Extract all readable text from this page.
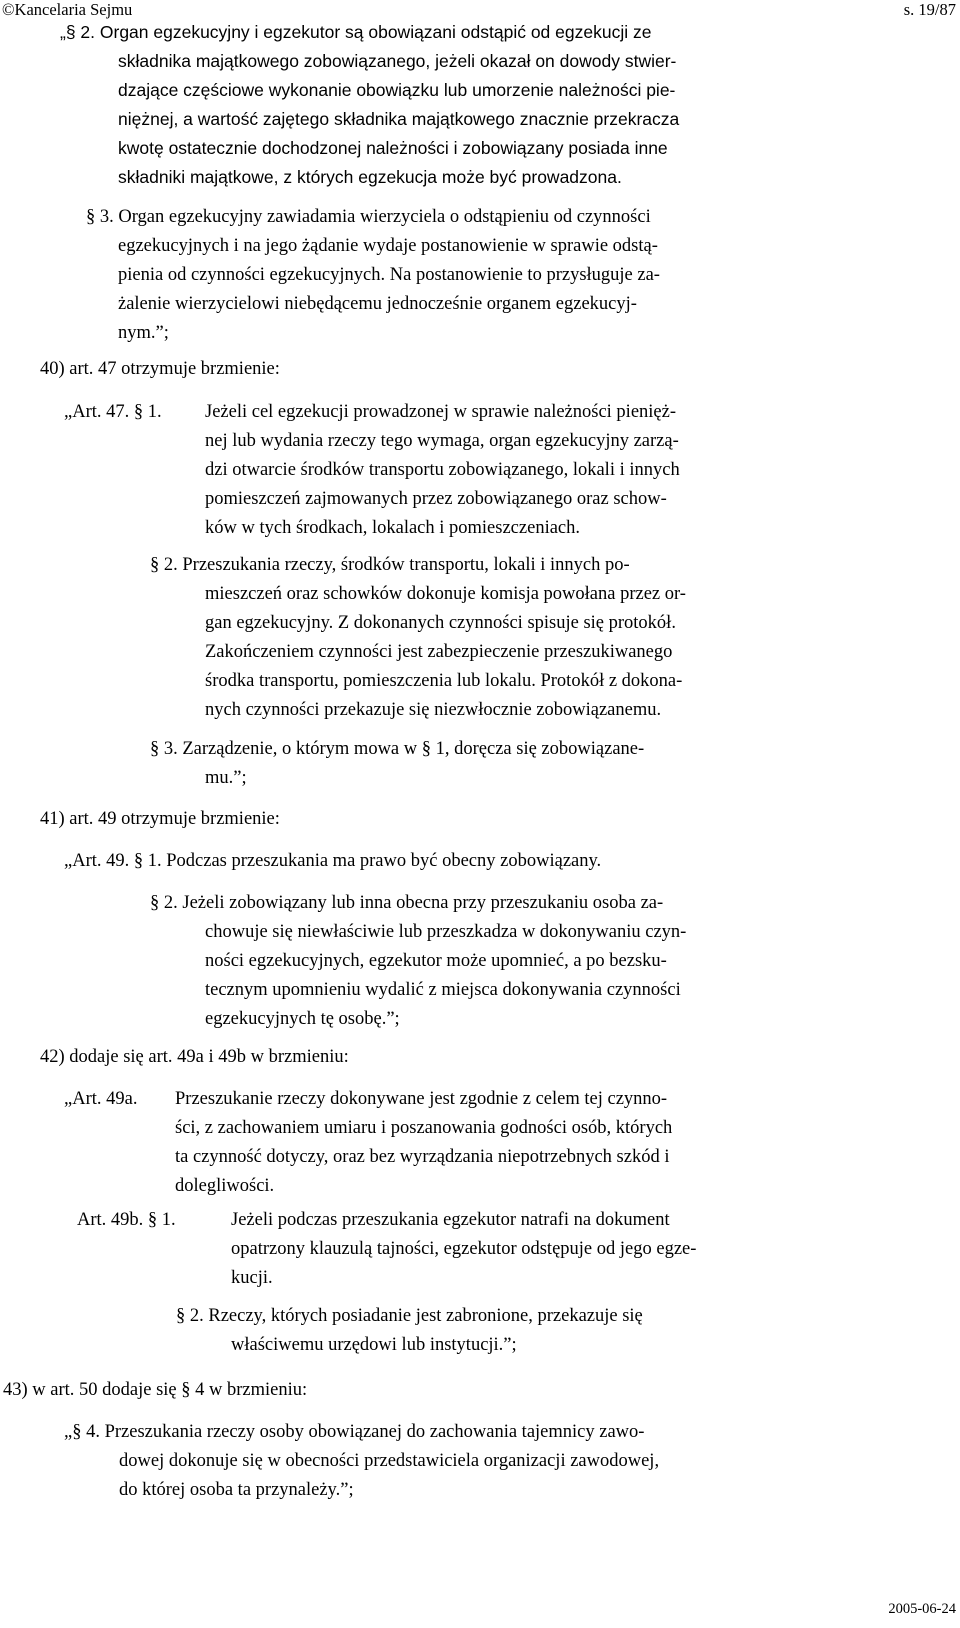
©Kancelaria Sejmu	s. 19/87
„§ 2. Organ egzekucyjny i egzekutor są obowiązani odstąpić od egzekucji ze
składnika majątkowego zobowiązanego, jeżeli okazał on dowody stwier-
dzające częściowe wykonanie obowiązku lub umorzenie należności pie-
niężnej, a wartość zajętego składnika majątkowego znacznie przekracza
kwotę ostatecznie dochodzonej należności i zobowiązany posiada inne
składniki majątkowe, z których egzekucja może być prowadzona.
§ 3. Organ egzekucyjny zawiadamia wierzyciela o odstąpieniu od czynności
egzekucyjnych i na jego żądanie wydaje postanowienie w sprawie odstą-
pienia od czynności egzekucyjnych. Na postanowienie to przysługuje za-
żalenie wierzycielowi niebędącemu jednocześnie organem egzekucyj-
nym.”;
40) art. 47 otrzymuje brzmienie:
„Art. 47. § 1. Jeżeli cel egzekucji prowadzonej w sprawie należności pienięż-
nej lub wydania rzeczy tego wymaga, organ egzekucyjny zarzą-
dzi otwarcie środków transportu zobowiązanego, lokali i innych
pomieszczeń zajmowanych przez zobowiązanego oraz schow-
ków w tych środkach, lokalach i pomieszczeniach.
§ 2. Przeszukania rzeczy, środków transportu, lokali i innych po-
mieszczeń oraz schowków dokonuje komisja powołana przez or-
gan egzekucyjny. Z dokonanych czynności spisuje się protokół.
Zakończeniem czynności jest zabezpieczenie przeszukiwanego
środka transportu, pomieszczenia lub lokalu. Protokół z dokona-
nych czynności przekazuje się niezwłocznie zobowiązanemu.
§ 3. Zarządzenie, o którym mowa w § 1, doręcza się zobowiązane-
mu.”;
41) art. 49 otrzymuje brzmienie:
„Art. 49. § 1. Podczas przeszukania ma prawo być obecny zobowiązany.
§ 2. Jeżeli zobowiązany lub inna obecna przy przeszukaniu osoba za-
chowuje się niewłaściwie lub przeszkadza w dokonywaniu czyn-
ności egzekucyjnych, egzekutor może upomnieć, a po bezsku-
tecznym upomnieniu wydalić z miejsca dokonywania czynności
egzekucyjnych tę osobę.”;
42) dodaje się art. 49a i 49b w brzmieniu:
„Art. 49a. Przeszukanie rzeczy dokonywane jest zgodnie z celem tej czynno-
ści, z zachowaniem umiaru i poszanowania godności osób, których
ta czynność dotyczy, oraz bez wyrządzania niepotrzebnych szkód i
dolegliwości.
Art. 49b. § 1.	Jeżeli podczas przeszukania egzekutor natrafi na dokument
opatrzony klauzulą tajności, egzekutor odstępuje od jego egze-
kucji.
§ 2. Rzeczy, których posiadanie jest zabronione, przekazuje się
właściwemu urzędowi lub instytucji.”;
43) w art. 50 dodaje się § 4 w brzmieniu:
„§ 4. Przeszukania rzeczy osoby obowiązanej do zachowania tajemnicy zawo-
dowej dokonuje się w obecności przedstawiciela organizacji zawodowej,
do której osoba ta przynależy.”;
2005-06-24
